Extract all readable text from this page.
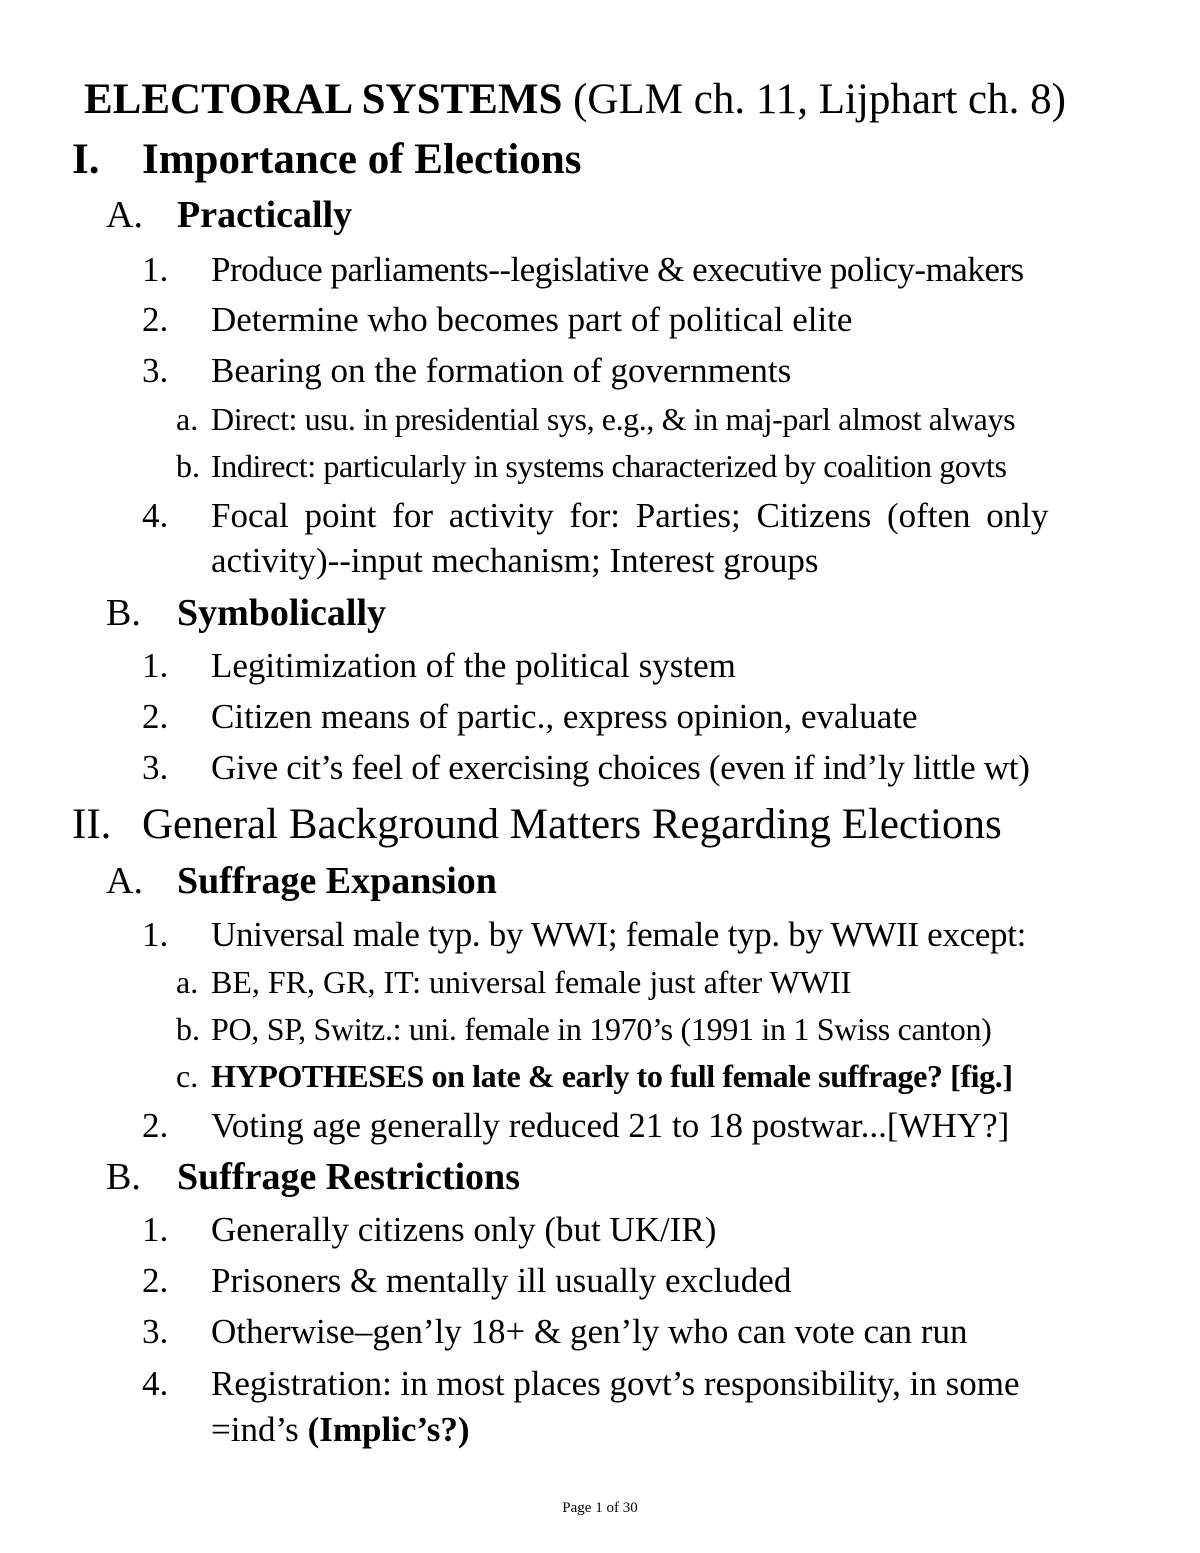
ELECTORAL SYSTEMS (GLM ch. 11, Lijphart ch. 8)
I. Importance of Elections
A. Practically
1. Produce parliaments--legislative & executive policy-makers
2. Determine who becomes part of political elite
3. Bearing on the formation of governments
a. Direct: usu. in presidential sys, e.g., & in maj-parl almost always
b. Indirect: particularly in systems characterized by coalition govts
4. Focal point for activity for: Parties; Citizens (often only
activity)--input mechanism; Interest groups
B. Symbolically
1. Legitimization of the political system
2. Citizen means of partic., express opinion, evaluate
3. Give cit’s feel of exercising choices (even if ind’ly little wt)
II. General Background Matters Regarding Elections
A. Suffrage Expansion
1. Universal male typ. by WWI; female typ. by WWII except:
a. BE, FR, GR, IT: universal female just after WWII
b. PO, SP, Switz.: uni. female in 1970’s (1991 in 1 Swiss canton)
c. HYPOTHESES on late & early to full female suffrage? [fig.]
2. Voting age generally reduced 21 to 18 postwar...[WHY?]
B. Suffrage Restrictions
1. Generally citizens only (but UK/IR)
2. Prisoners & mentally ill usually excluded
3. Otherwise–gen’ly 18+ & gen’ly who can vote can run
4. Registration: in most places govt’s responsibility, in some
=ind’s (Implic’s?)
Page 1 of 30
